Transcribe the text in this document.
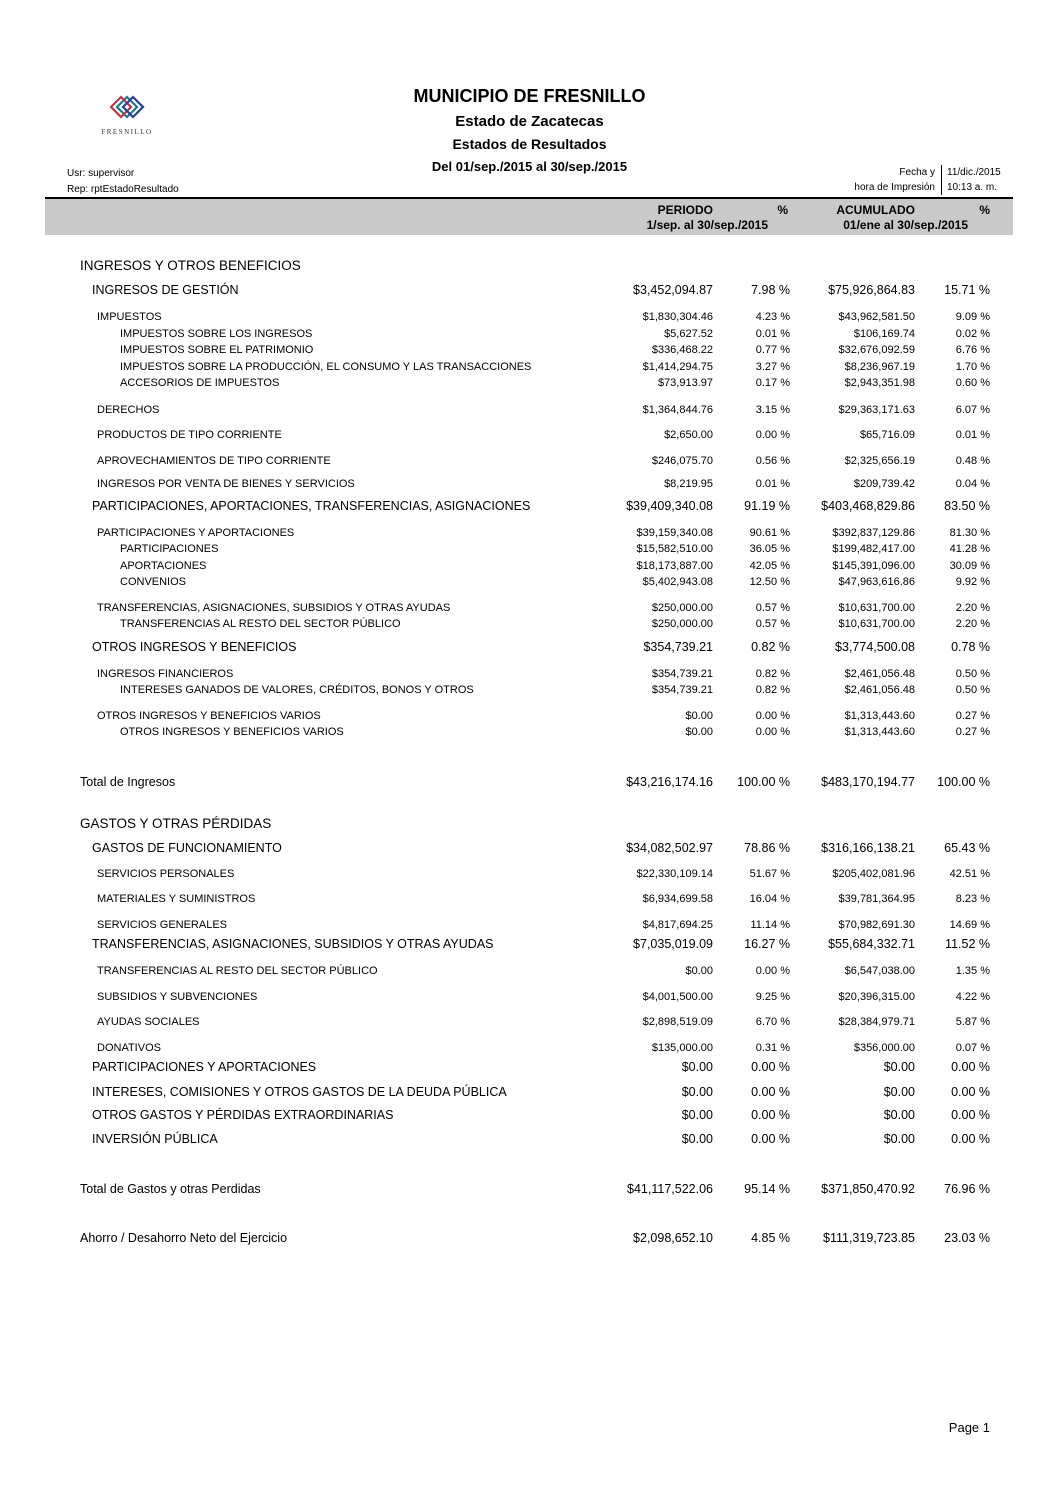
FRESNILLO
MUNICIPIO DE FRESNILLO
Estado de Zacatecas
Estados de Resultados
Del 01/sep./2015 al 30/sep./2015
Usr: supervisor
Rep: rptEstadoResultado
Fecha y	11/dic./2015
hora de Impresión	10:13 a. m.
PERIODO	%	ACUMULADO	%
1/sep. al 30/sep./2015	01/ene al 30/sep./2015
INGRESOS Y OTROS BENEFICIOS
INGRESOS DE GESTIÓN	$3,452,094.87	7.98 %	$75,926,864.83	15.71 %
IMPUESTOS	$1,830,304.46	4.23 %	$43,962,581.50	9.09 %
IMPUESTOS SOBRE LOS INGRESOS	$5,627.52	0.01 %	$106,169.74	0.02 %
IMPUESTOS SOBRE EL PATRIMONIO	$336,468.22	0.77 %	$32,676,092.59	6.76 %
IMPUESTOS SOBRE LA PRODUCCIÓN, EL CONSUMO Y LAS TRANSACCIONES	$1,414,294.75	3.27 %	$8,236,967.19	1.70 %
ACCESORIOS DE IMPUESTOS	$73,913.97	0.17 %	$2,943,351.98	0.60 %
DERECHOS	$1,364,844.76	3.15 %	$29,363,171.63	6.07 %
PRODUCTOS DE TIPO CORRIENTE	$2,650.00	0.00 %	$65,716.09	0.01 %
APROVECHAMIENTOS DE TIPO CORRIENTE	$246,075.70	0.56 %	$2,325,656.19	0.48 %
INGRESOS POR VENTA DE BIENES Y SERVICIOS	$8,219.95	0.01 %	$209,739.42	0.04 %
PARTICIPACIONES, APORTACIONES, TRANSFERENCIAS, ASIGNACIONES	$39,409,340.08	91.19 %	$403,468,829.86	83.50 %
PARTICIPACIONES Y APORTACIONES	$39,159,340.08	90.61 %	$392,837,129.86	81.30 %
PARTICIPACIONES	$15,582,510.00	36.05 %	$199,482,417.00	41.28 %
APORTACIONES	$18,173,887.00	42.05 %	$145,391,096.00	30.09 %
CONVENIOS	$5,402,943.08	12.50 %	$47,963,616.86	9.92 %
TRANSFERENCIAS, ASIGNACIONES, SUBSIDIOS Y OTRAS AYUDAS	$250,000.00	0.57 %	$10,631,700.00	2.20 %
TRANSFERENCIAS AL RESTO DEL SECTOR PÚBLICO	$250,000.00	0.57 %	$10,631,700.00	2.20 %
OTROS INGRESOS Y BENEFICIOS	$354,739.21	0.82 %	$3,774,500.08	0.78 %
INGRESOS FINANCIEROS	$354,739.21	0.82 %	$2,461,056.48	0.50 %
INTERESES GANADOS DE VALORES, CRÉDITOS, BONOS Y OTROS	$354,739.21	0.82 %	$2,461,056.48	0.50 %
OTROS INGRESOS Y BENEFICIOS VARIOS	$0.00	0.00 %	$1,313,443.60	0.27 %
OTROS INGRESOS Y BENEFICIOS VARIOS	$0.00	0.00 %	$1,313,443.60	0.27 %
Total de Ingresos	$43,216,174.16	100.00 %	$483,170,194.77	100.00 %
GASTOS Y OTRAS PÉRDIDAS
GASTOS DE FUNCIONAMIENTO	$34,082,502.97	78.86 %	$316,166,138.21	65.43 %
SERVICIOS PERSONALES	$22,330,109.14	51.67 %	$205,402,081.96	42.51 %
MATERIALES Y SUMINISTROS	$6,934,699.58	16.04 %	$39,781,364.95	8.23 %
SERVICIOS GENERALES	$4,817,694.25	11.14 %	$70,982,691.30	14.69 %
TRANSFERENCIAS, ASIGNACIONES, SUBSIDIOS Y OTRAS AYUDAS	$7,035,019.09	16.27 %	$55,684,332.71	11.52 %
TRANSFERENCIAS AL RESTO DEL SECTOR PÚBLICO	$0.00	0.00 %	$6,547,038.00	1.35 %
SUBSIDIOS Y SUBVENCIONES	$4,001,500.00	9.25 %	$20,396,315.00	4.22 %
AYUDAS SOCIALES	$2,898,519.09	6.70 %	$28,384,979.71	5.87 %
DONATIVOS	$135,000.00	0.31 %	$356,000.00	0.07 %
PARTICIPACIONES Y APORTACIONES	$0.00	0.00 %	$0.00	0.00 %
INTERESES, COMISIONES Y OTROS GASTOS DE LA DEUDA PÚBLICA	$0.00	0.00 %	$0.00	0.00 %
OTROS GASTOS Y PÉRDIDAS EXTRAORDINARIAS	$0.00	0.00 %	$0.00	0.00 %
INVERSIÓN PÚBLICA	$0.00	0.00 %	$0.00	0.00 %
Total de Gastos y otras Perdidas	$41,117,522.06	95.14 %	$371,850,470.92	76.96 %
Ahorro / Desahorro Neto del Ejercicio	$2,098,652.10	4.85 %	$111,319,723.85	23.03 %
Page 1
